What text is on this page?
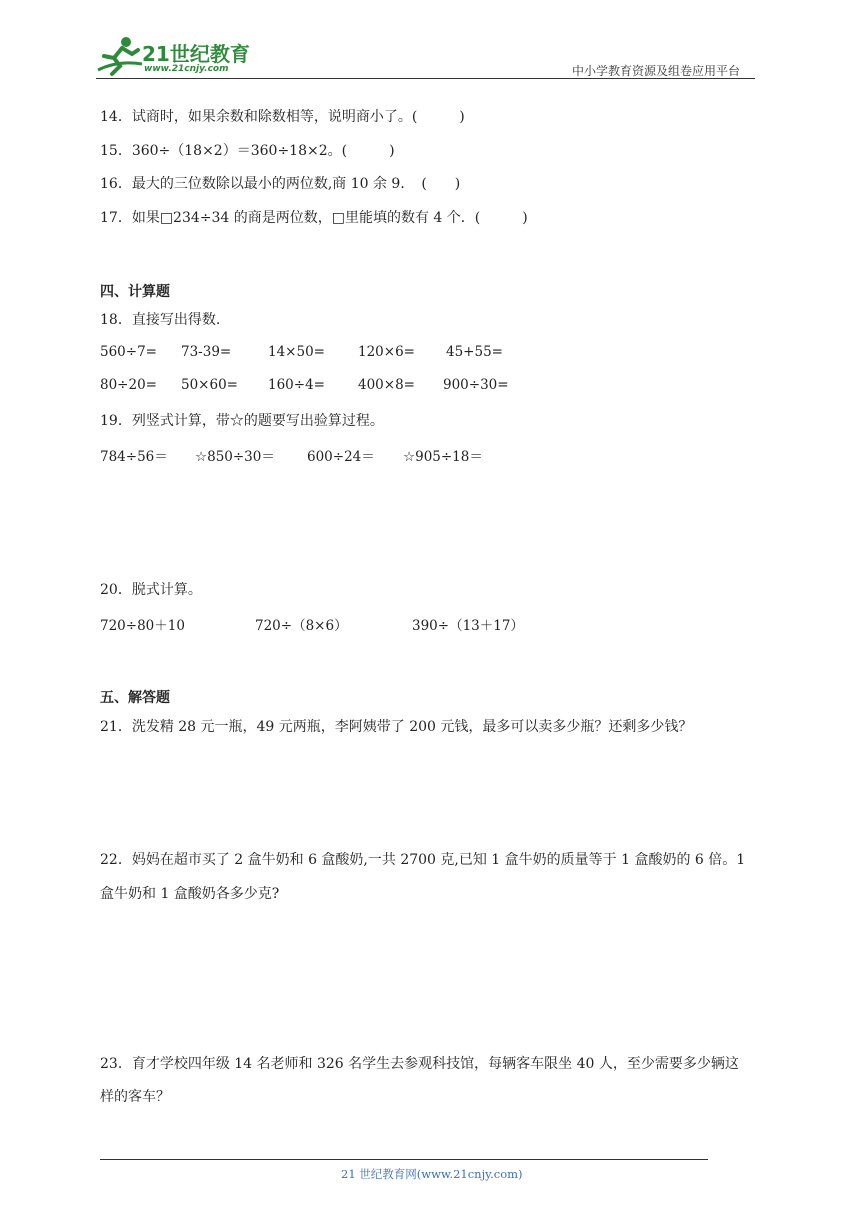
21世纪教育
www.21cnjy.com	中小学教育资源及组卷应用平台
14．试商时，如果余数和除数相等，说明商小了。(　　　)
15．360÷（18×2）＝360÷18×2。(　　　)
16．最大的三位数除以最小的两位数,商 10 余 9．　(　　)
17．如果□234÷34 的商是两位数，□里能填的数有 4 个．(　　　)
四、计算题
18．直接写出得数.
560÷7= 73-39=	14×50= 120×6= 45+55=
80÷20= 50×60= 160÷4= 400×8= 900÷30=
19．列竖式计算，带☆的题要写出验算过程。
784÷56＝ ☆850÷30＝ 600÷24＝ ☆905÷18＝
20．脱式计算。
720÷80＋10	720÷（8×6）	390÷（13＋17）
五、解答题
21．洗发精 28 元一瓶，49 元两瓶，李阿姨带了 200 元钱，最多可以卖多少瓶？还剩多少钱？
22．妈妈在超市买了 2 盒牛奶和 6 盒酸奶,一共 2700 克,已知 1 盒牛奶的质量等于 1 盒酸奶的 6 倍。1
盒牛奶和 1 盒酸奶各多少克?
23．育才学校四年级 14 名老师和 326 名学生去参观科技馆，每辆客车限坐 40 人，至少需要多少辆这
样的客车？
21 世纪教育网(www.21cnjy.com)
